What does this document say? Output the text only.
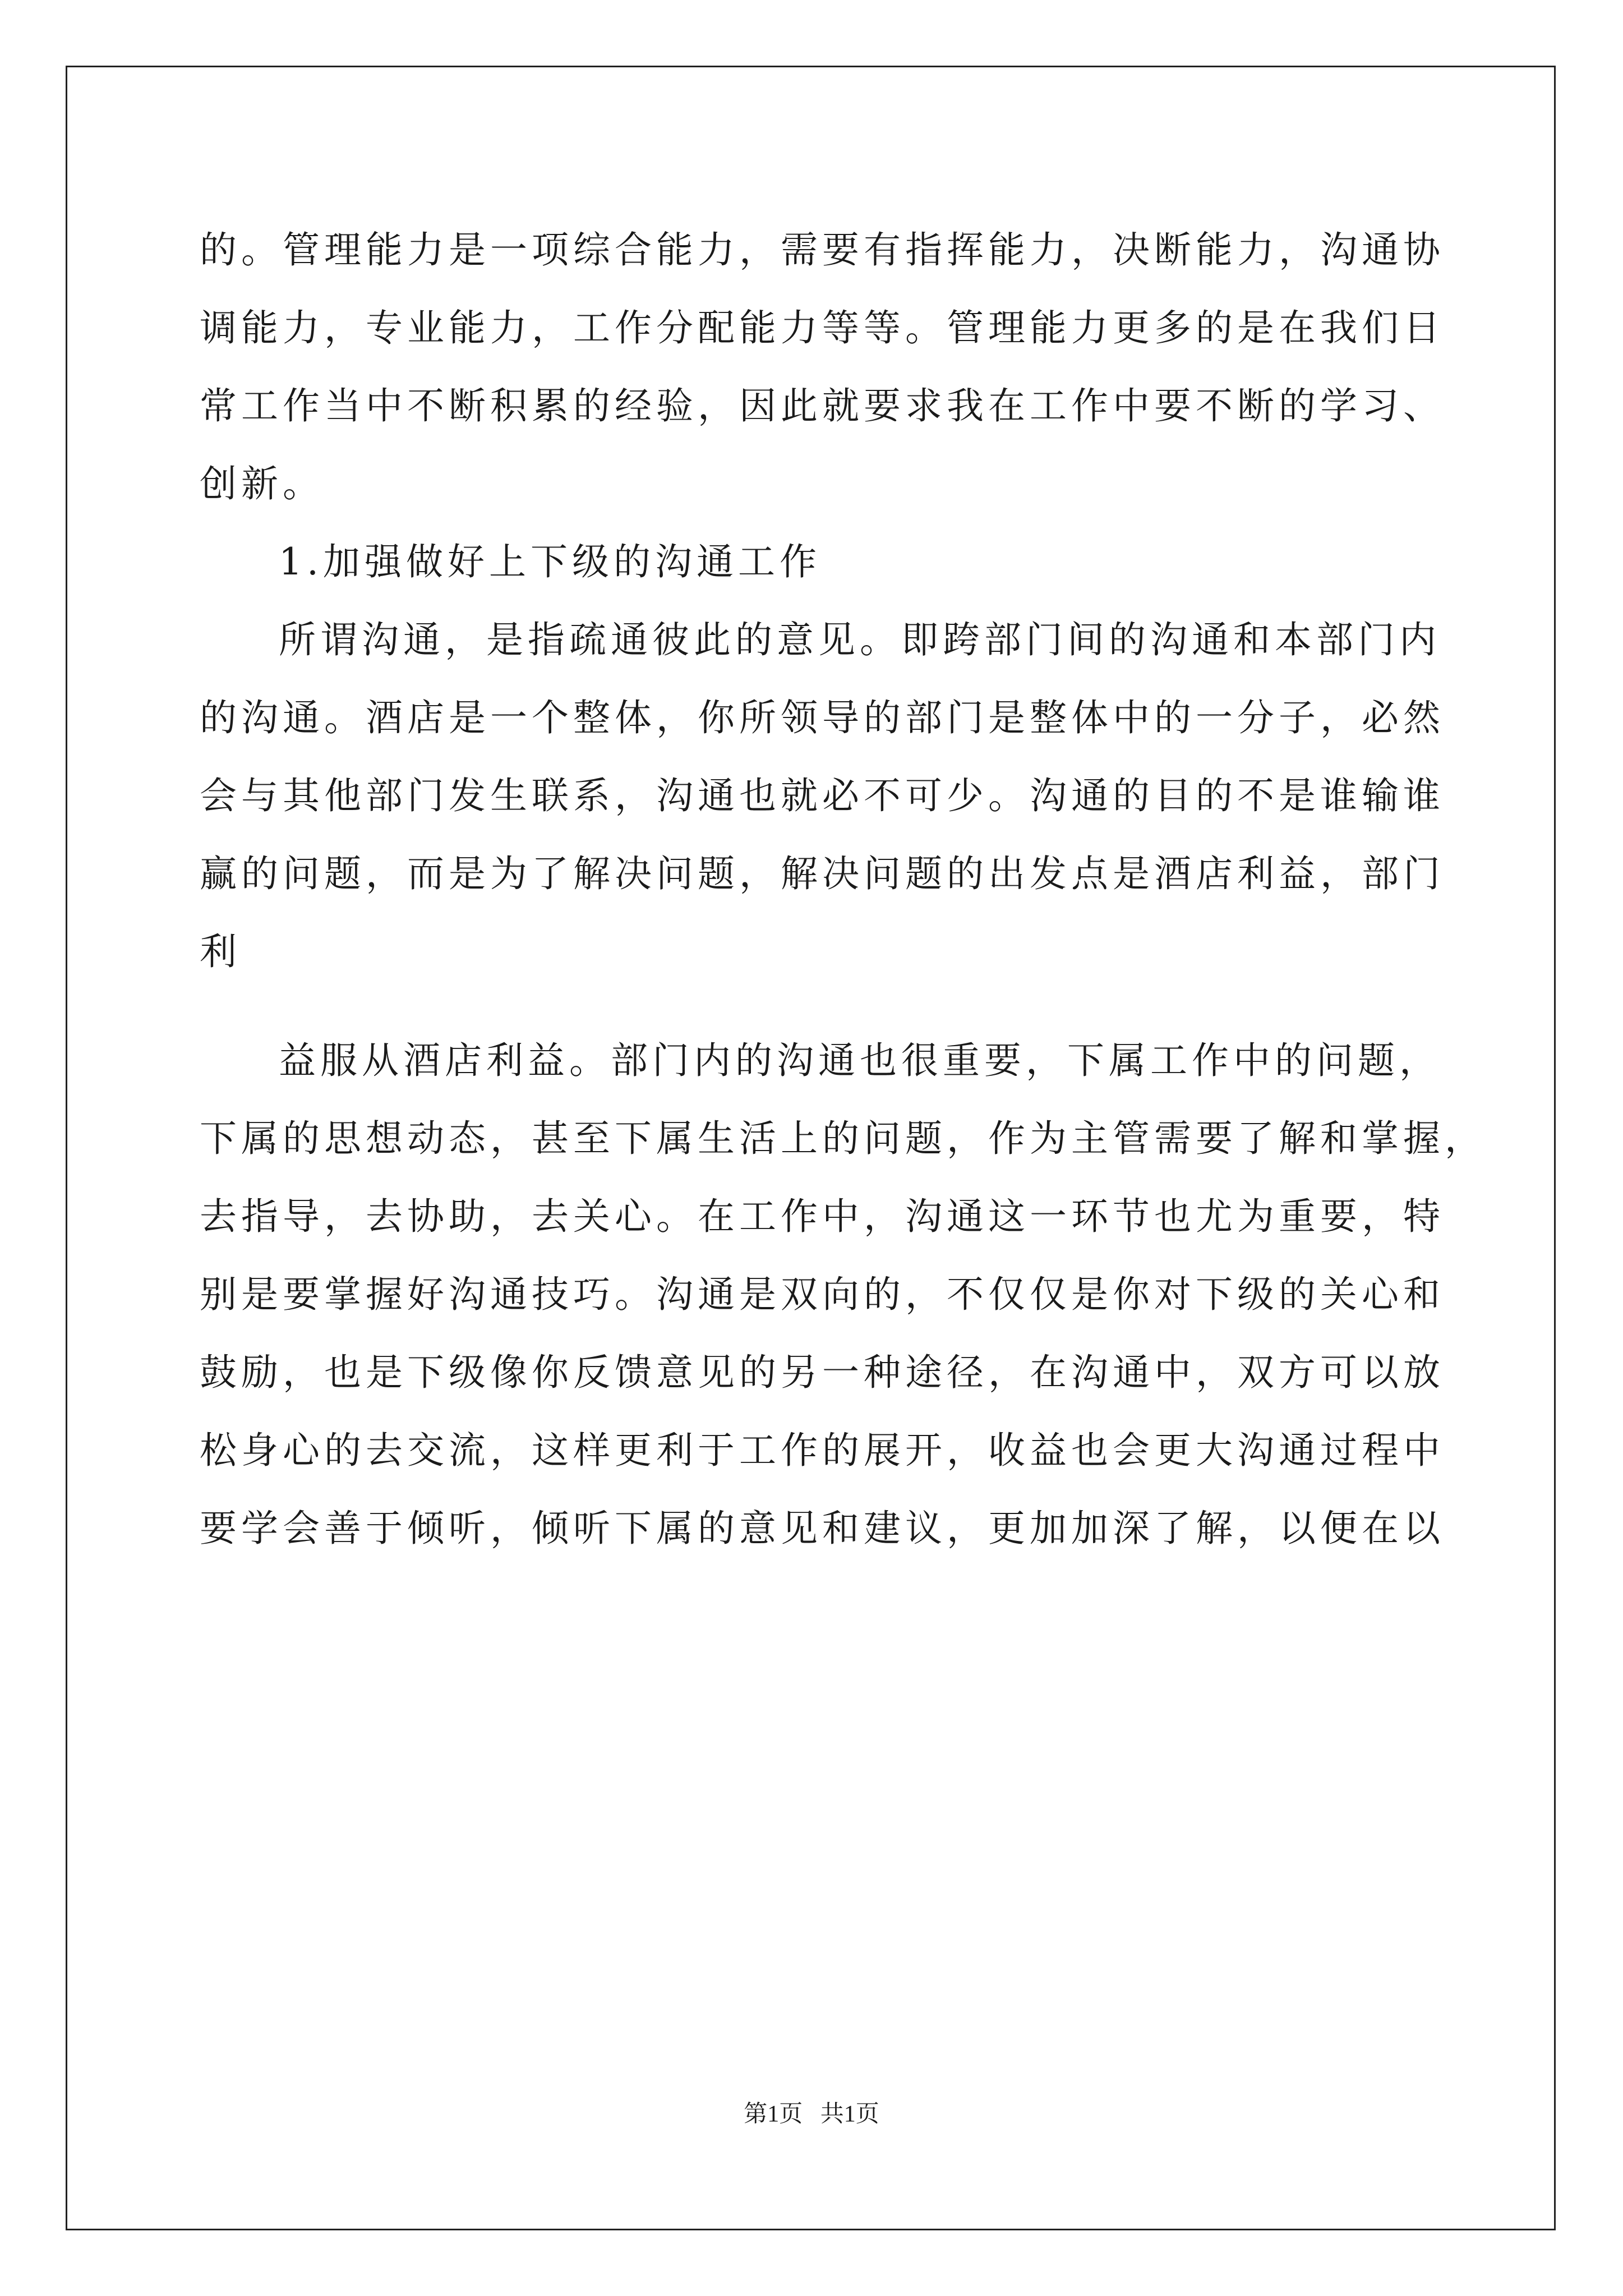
的。管理能力是一项综合能力，需要有指挥能力，决断能力，沟通协
调能力，专业能力，工作分配能力等等。管理能力更多的是在我们日
常工作当中不断积累的经验，因此就要求我在工作中要不断的学习、
创新。
1.加强做好上下级的沟通工作
所谓沟通，是指疏通彼此的意见。即跨部门间的沟通和本部门内
的沟通。酒店是一个整体，你所领导的部门是整体中的一分子，必然
会与其他部门发生联系，沟通也就必不可少。沟通的目的不是谁输谁
赢的问题，而是为了解决问题，解决问题的出发点是酒店利益，部门
利
益服从酒店利益。部门内的沟通也很重要，下属工作中的问题，
下属的思想动态，甚至下属生活上的问题，作为主管需要了解和掌握，
去指导，去协助，去关心。在工作中，沟通这一环节也尤为重要，特
别是要掌握好沟通技巧。沟通是双向的，不仅仅是你对下级的关心和
鼓励，也是下级像你反馈意见的另一种途径，在沟通中，双方可以放
松身心的去交流，这样更利于工作的展开，收益也会更大沟通过程中
要学会善于倾听，倾听下属的意见和建议，更加加深了解，以便在以
第1页   共1页
